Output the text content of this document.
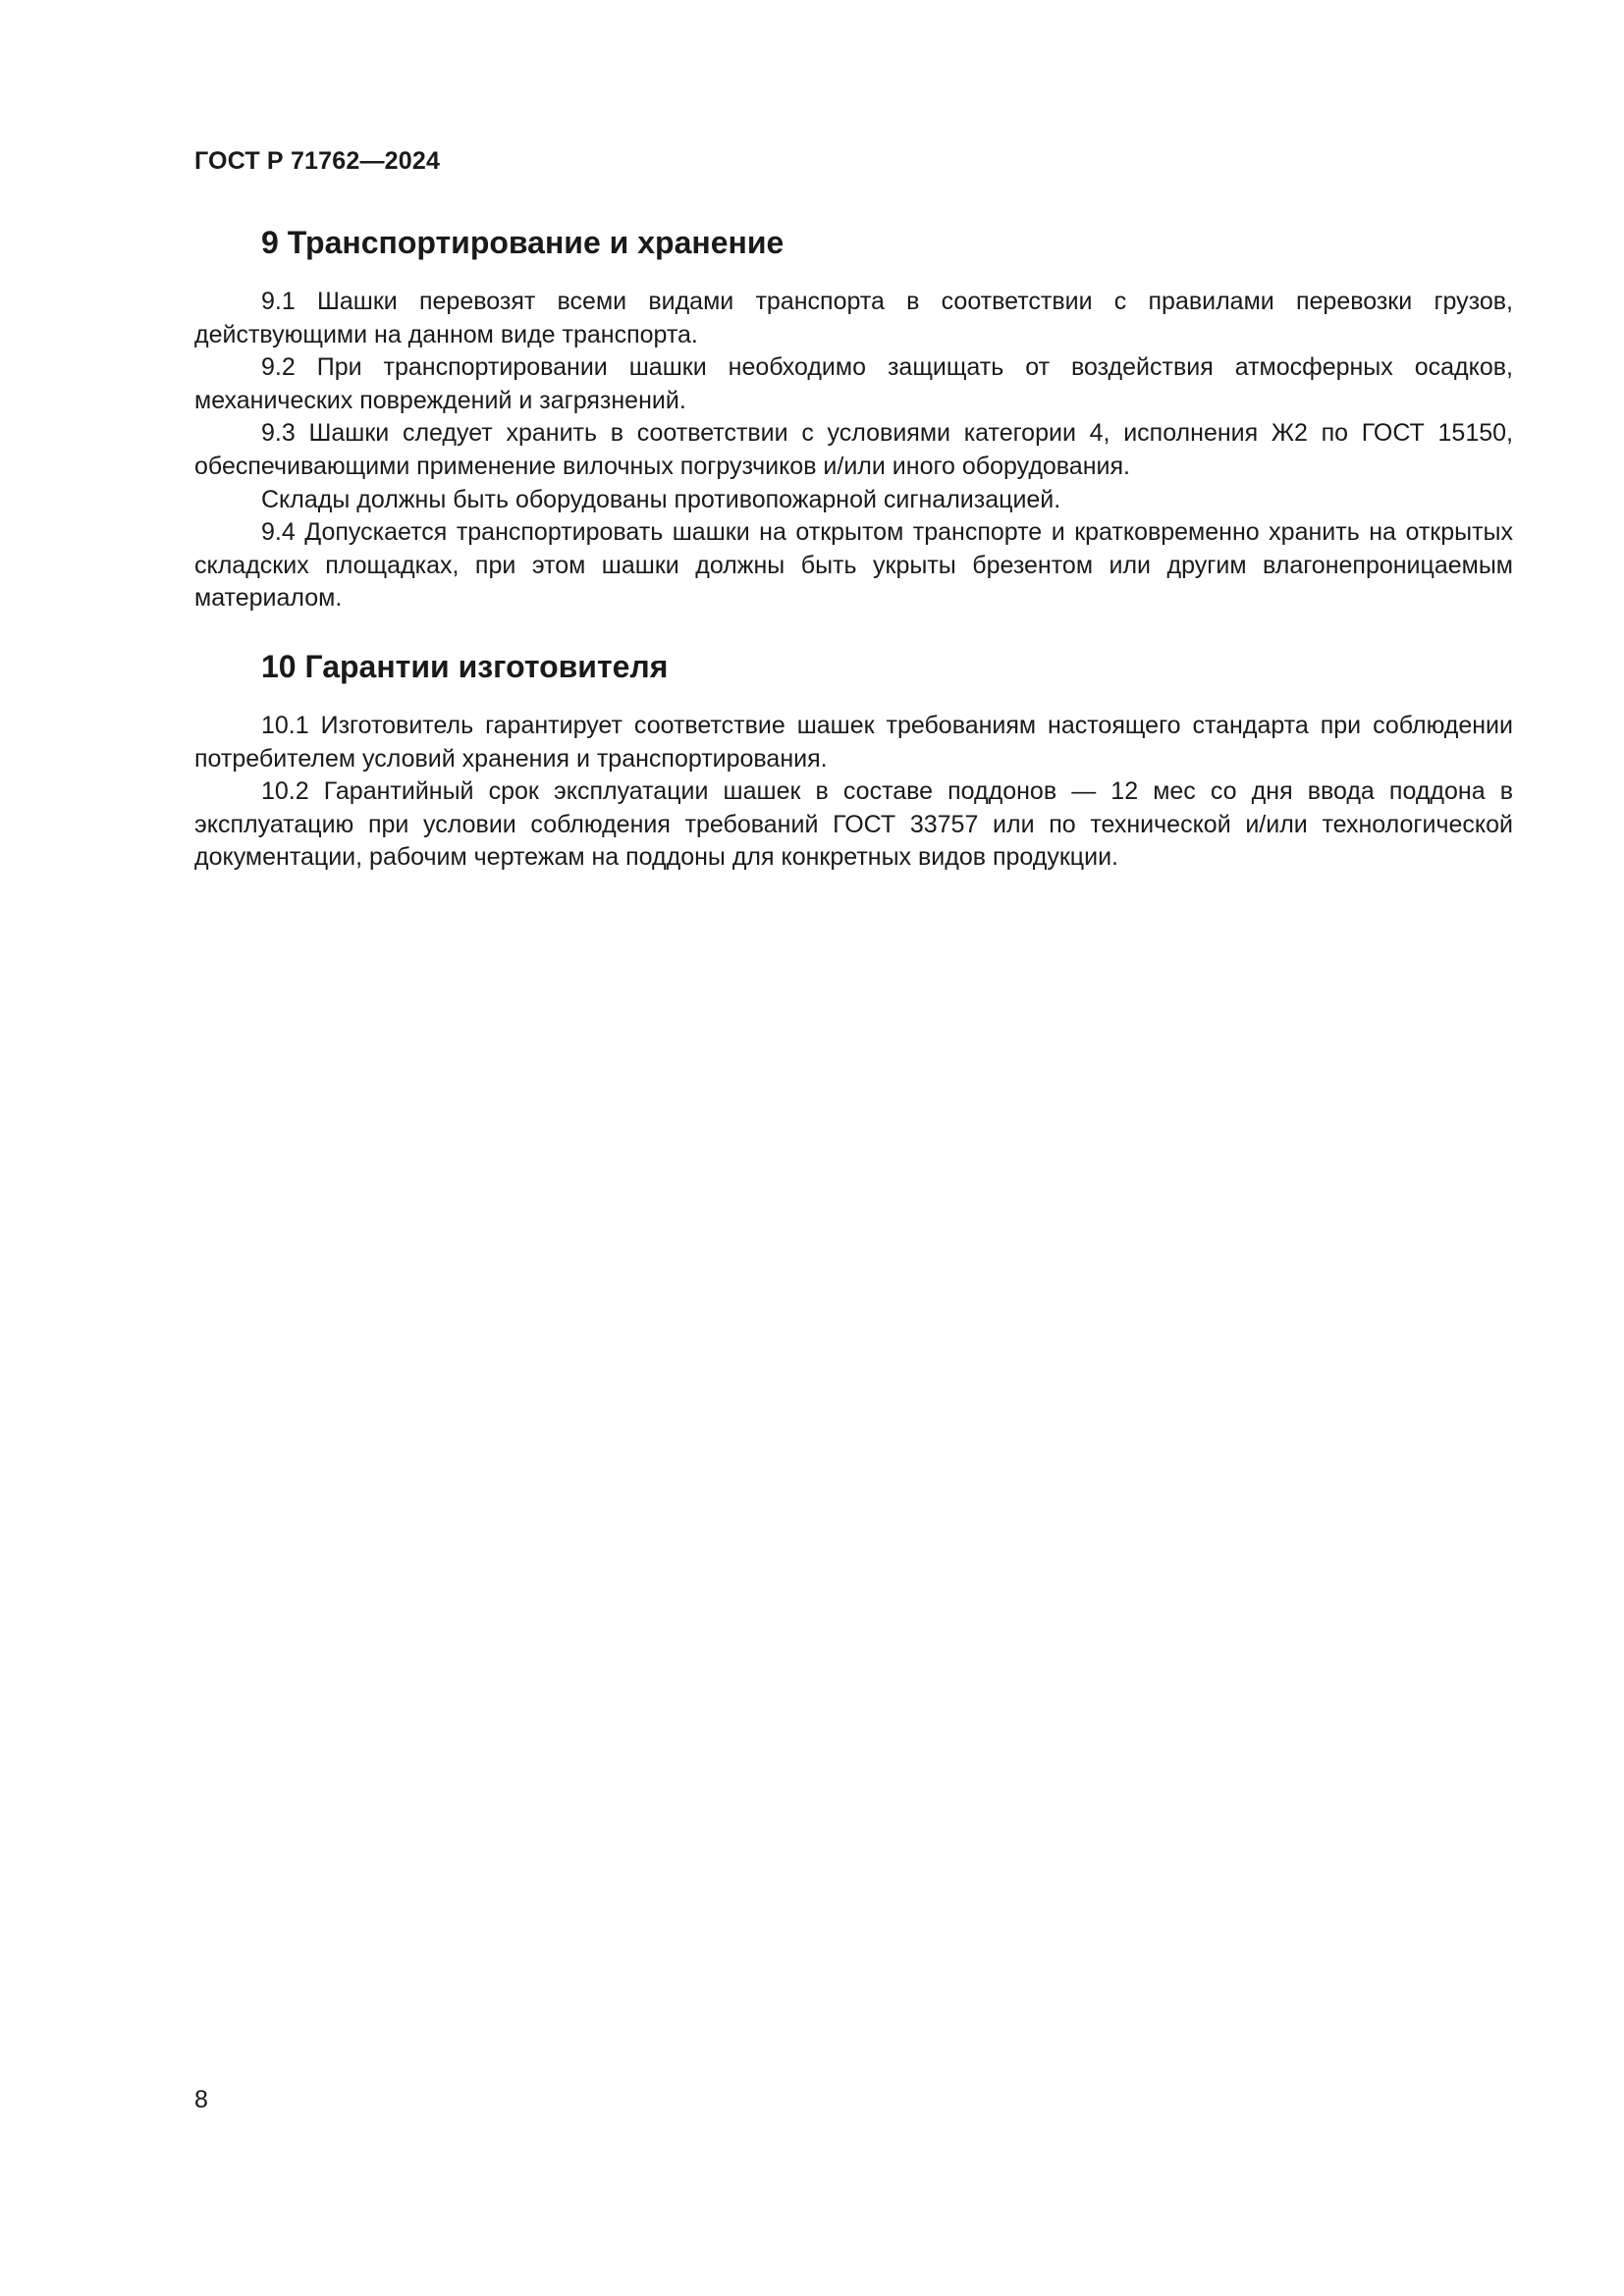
ГОСТ Р 71762—2024
9 Транспортирование и хранение

9.1 Шашки перевозят всеми видами транспорта в соответствии с правилами перевозки грузов, действующими на данном виде транспорта.

9.2 При транспортировании шашки необходимо защищать от воздействия атмосферных осадков, механических повреждений и загрязнений.

9.3 Шашки следует хранить в соответствии с условиями категории 4, исполнения Ж2 по ГОСТ 15150, обеспечивающими применение вилочных погрузчиков и/или иного оборудования.

Склады должны быть оборудованы противопожарной сигнализацией.

9.4 Допускается транспортировать шашки на открытом транспорте и кратковременно хранить на открытых складских площадках, при этом шашки должны быть укрыты брезентом или другим влагонепроницаемым материалом.

10 Гарантии изготовителя

10.1 Изготовитель гарантирует соответствие шашек требованиям настоящего стандарта при соблюдении потребителем условий хранения и транспортирования.

10.2 Гарантийный срок эксплуатации шашек в составе поддонов — 12 мес со дня ввода поддона в эксплуатацию при условии соблюдения требований ГОСТ 33757 или по технической и/или технологической документации, рабочим чертежам на поддоны для конкретных видов продукции.

8
